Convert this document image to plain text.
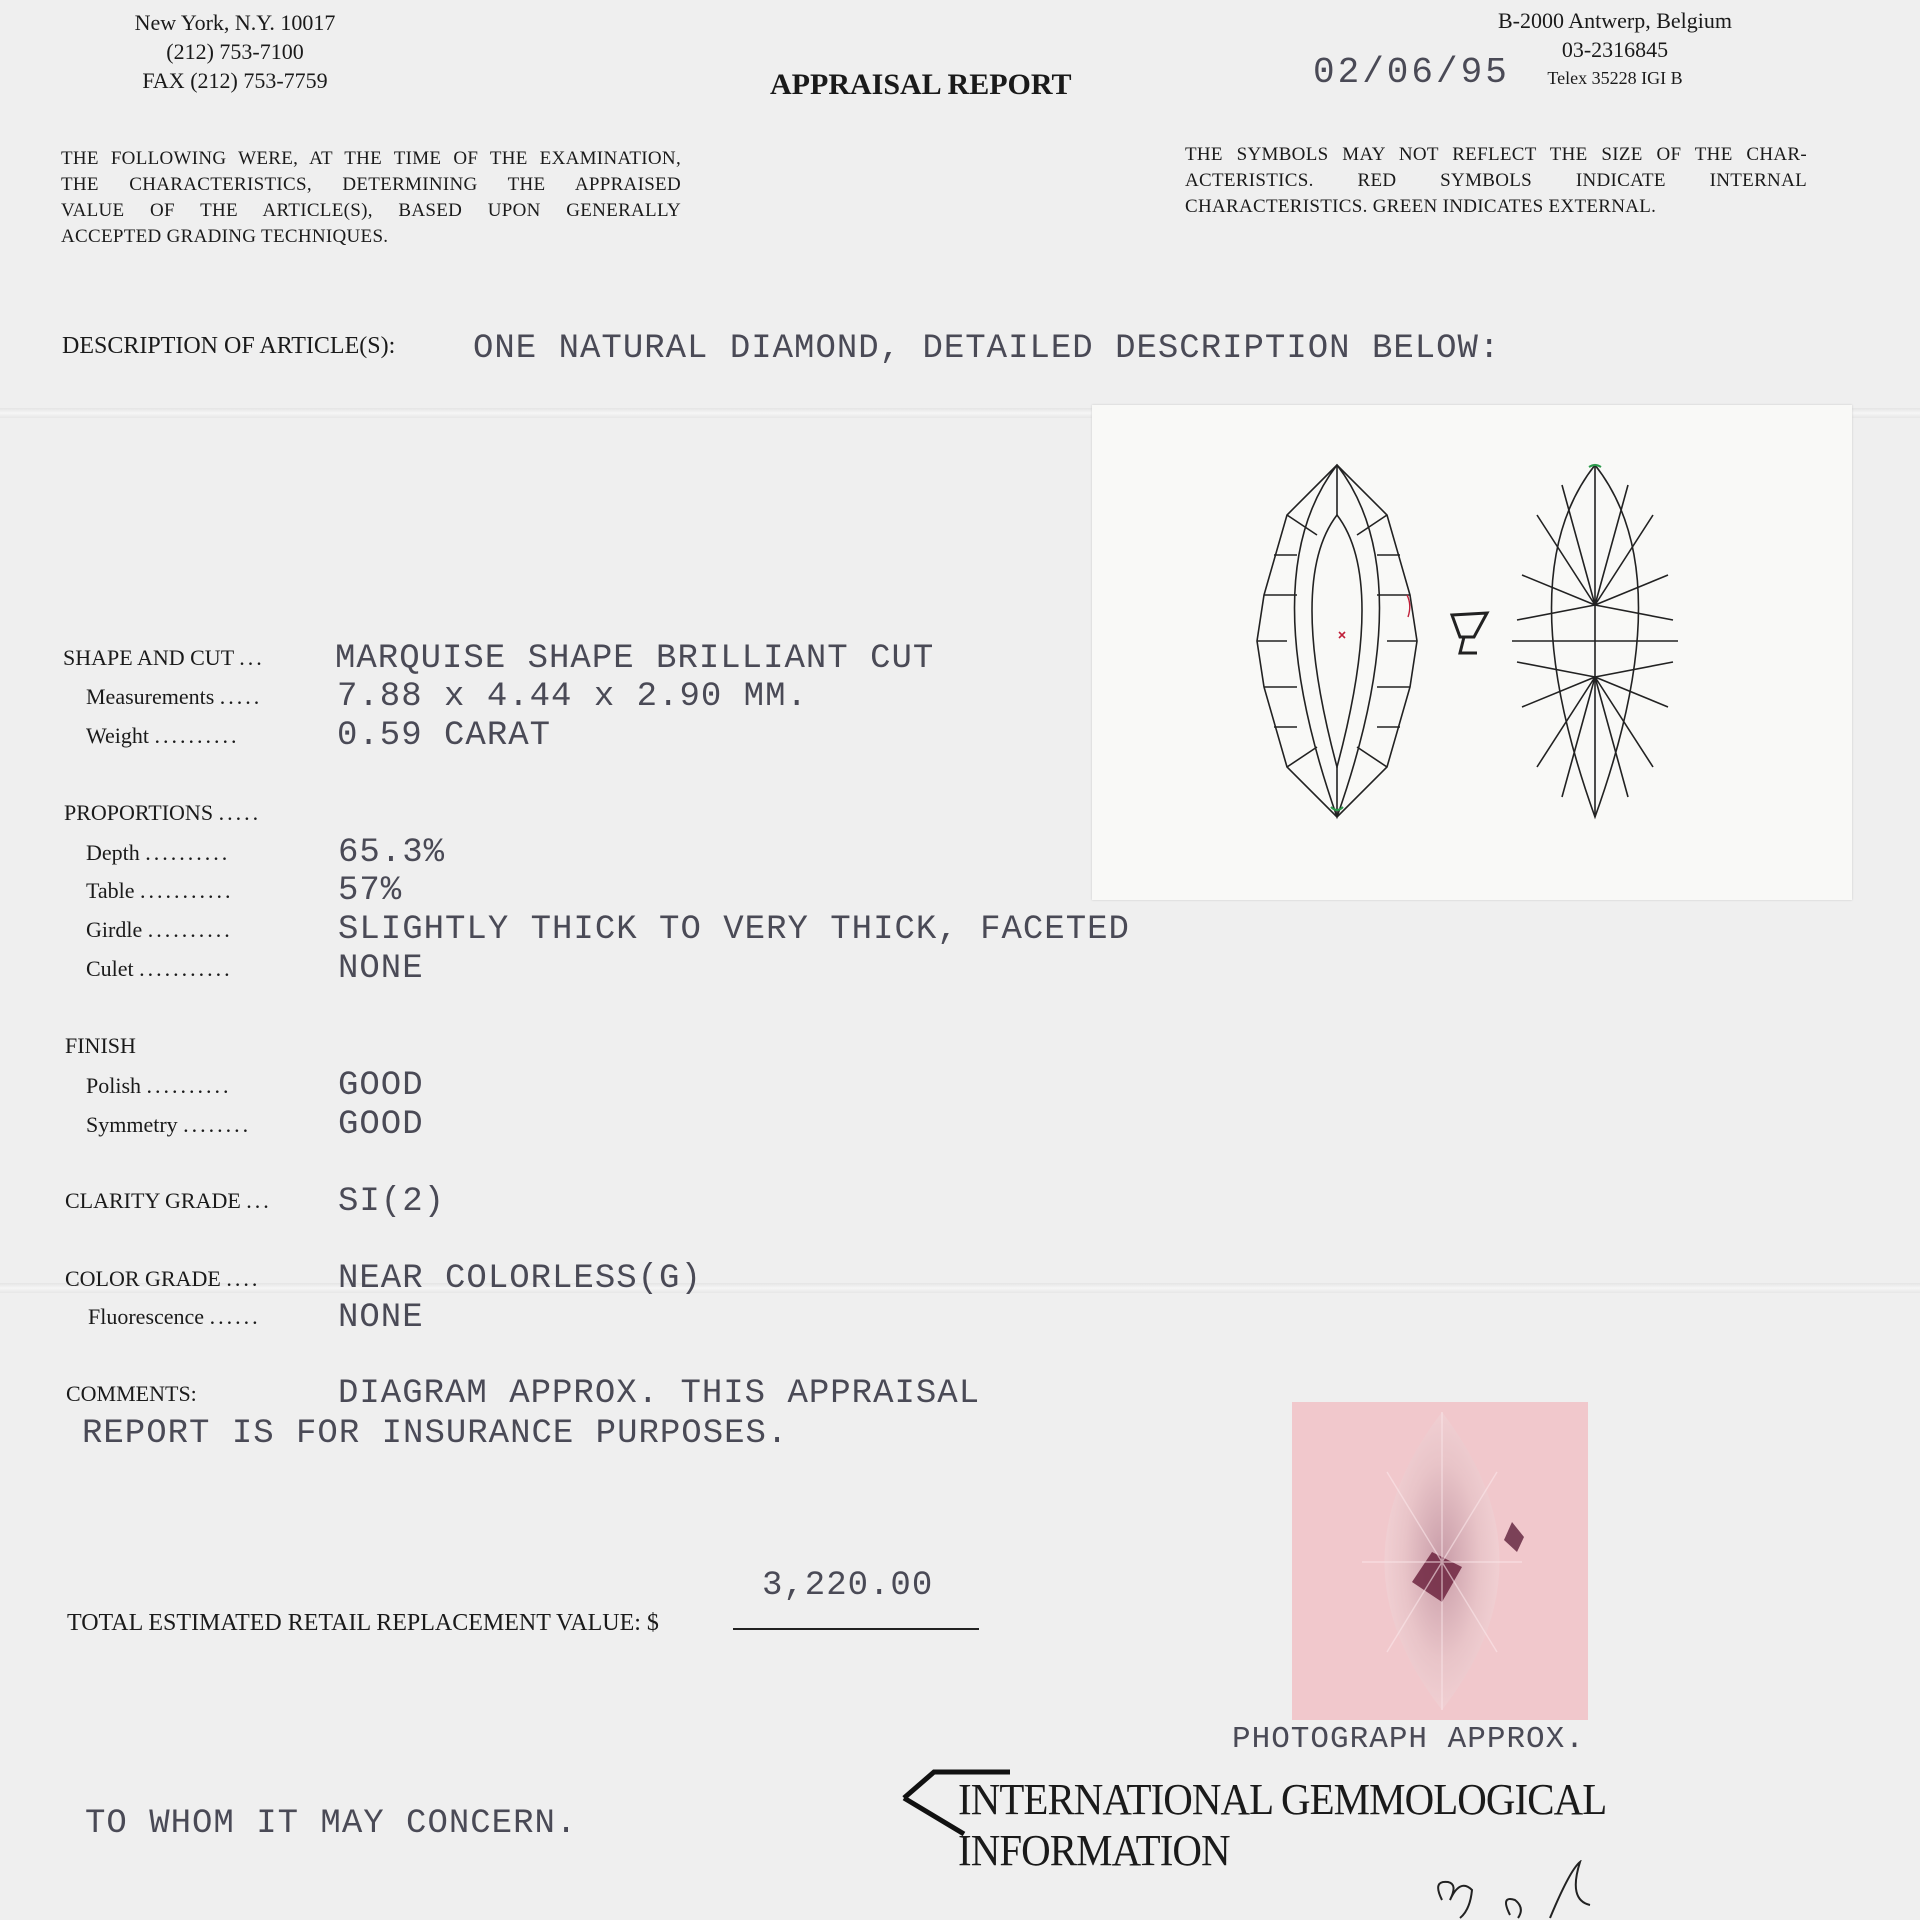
New York, N.Y. 10017
(212) 753-7100
FAX (212) 753-7759	APPRAISAL REPORT	02/06/95
B-2000 Antwerp, Belgium
03-2316845
Telex 35228 IGI B
THE FOLLOWING WERE, AT THE TIME OF THE EXAMINATION,
THE CHARACTERISTICS, DETERMINING THE APPRAISED
VALUE OF THE ARTICLE(S), BASED UPON GENERALLY
ACCEPTED GRADING TECHNIQUES.
THE SYMBOLS MAY NOT REFLECT THE SIZE OF THE CHAR-
ACTERISTICS. RED SYMBOLS INDICATE INTERNAL
CHARACTERISTICS. GREEN INDICATES EXTERNAL.
DESCRIPTION OF ARTICLE(S): ONE NATURAL DIAMOND, DETAILED DESCRIPTION BELOW:
SHAPE AND CUT ... MARQUISE SHAPE BRILLIANT CUT
Measurements ..... 7.88 x 4.44 x 2.90 MM.
Weight ..........	0.59 CARAT
PROPORTIONS .....
Depth ..........	65.3%
Table ...........	57%
Girdle ..........	SLIGHTLY THICK TO VERY THICK, FACETED
Culet ...........	NONE
FINISH
Polish ..........	GOOD
Symmetry ........	GOOD
CLARITY GRADE ... SI(2)
COLOR GRADE .... NEAR COLORLESS(G)
Fluorescence ...... NONE
COMMENTS:	DIAGRAM APPROX. THIS APPRAISAL
REPORT IS FOR INSURANCE PURPOSES.
3,220.00
TOTAL ESTIMATED RETAIL REPLACEMENT VALUE: $
PHOTOGRAPH APPROX.
TO WHOM IT MAY CONCERN.	INTERNATIONAL GEMMOLOGICAL INFORMATION
